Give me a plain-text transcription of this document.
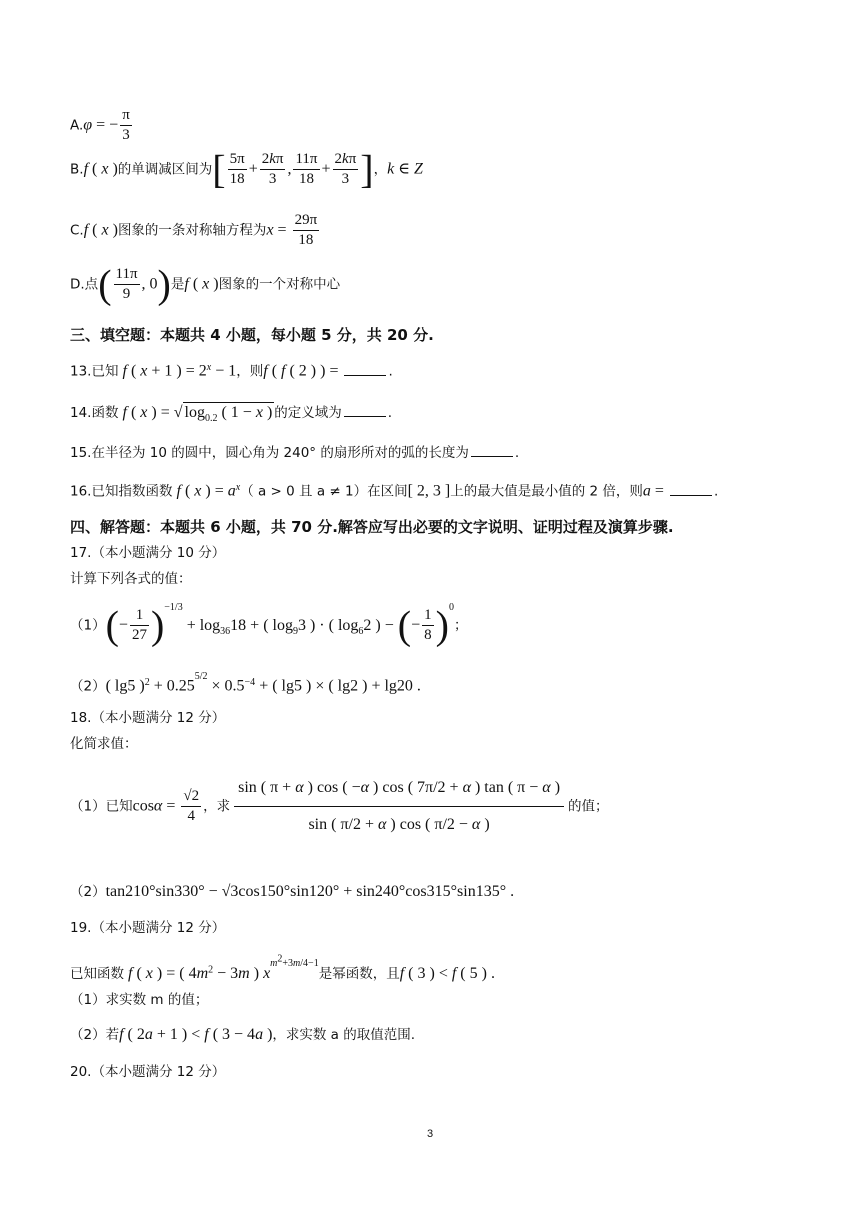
A.φ = − $\frac{\pi}{3}$
B.f ( x )的单调减区间为[ $\frac{5\pi}{18} + \frac{2k\pi}{3}$ , $\frac{11\pi}{18} + \frac{2k\pi}{3}$ ]，k ∈ Z
C.f ( x )图象的一条对称轴方程为$x = \frac{29\pi}{18}$
D.点( $\frac{11\pi}{9}$ , 0)是f ( x )图象的一个对称中心
三、填空题：本题共 4 小题，每小题 5 分，共 20 分.
13.已知 f ( x + 1 ) = $2^x - 1$，则f ( f ( 2 ) ) =	.
14.函数 f ( x ) = √ $\log_{0.2}$ ( 1 − x ) 的定义域为	.
15.在半径为 10 的圆中，圆心角为 240° 的扇形所对的弧的长度为	.
16.已知指数函数 f ( x ) = $a^x$（ a > 0 且 a ≠ 1）在区间[ 2, 3 ]上的最大值是最小值的 2 倍，则a =	.
四、解答题：本题共 6 小题，共 70 分.解答应写出必要的文字说明、证明过程及演算步骤.
17.（本小题满分 10 分）
计算下列各式的值：
$(1)(- \frac{1}{27} )^{-1/3} + \log_{36}18$ + ( $\log_93$ ) · ( $\log_62$ ) − (− $\frac{1}{8} )^0$；
（2）( lg5 )$^2 + 0.25^{5/2} \times 0.5^{-4}$ + ( lg5 ) × ( lg2 ) + lg20 .
18.（本小题满分 12 分）
化简求值：
（1）已知$\cos\alpha = \frac{√2}{4}$ ，求 $\frac{\sin ( \pi + \alpha ) \cos ( -\alpha ) \cos ( 7\pi/2 + \alpha ) \tan ( \pi - \alpha )}{\sin ( \pi/2 + \alpha ) \cos ( \pi/2 - \alpha )}$ 的值；
（2）tan210°sin330° − √3cos150°sin120° + sin240°cos315°sin135° .
19.（本小题满分 12 分）
已知函数 f ( x ) = ( $4m^2 - 3m$ ) $x^{m^2+3m/4-1}$是幂函数，且f ( 3 ) < f ( 5 ) .
（1）求实数 m 的值；
（2）若f ( 2a + 1 ) < f ( 3 − 4a )，求实数 a 的取值范围.
20.（本小题满分 12 分）
3
